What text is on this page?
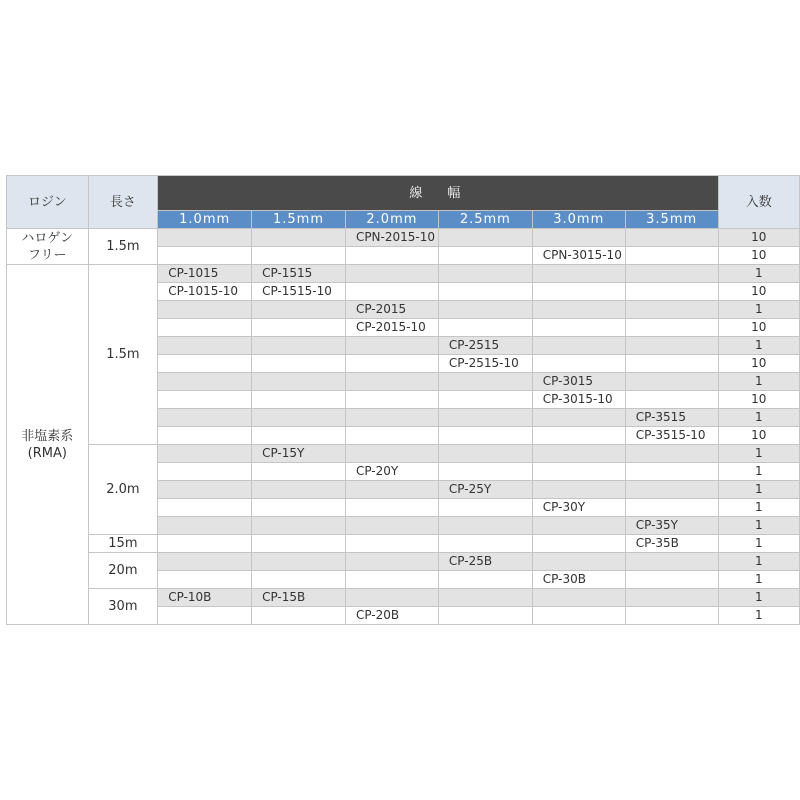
ロジン	長さ	線　幅						入数
		1.0mm	1.5mm	2.0mm	2.5mm	3.0mm	3.5mm	
ハロゲン
フリー	1.5m			CPN-2015-10				10
						CPN-3015-10		10
非塩素系
(RMA)	1.5m	CP-1015	CP-1515					1
		CP-1015-10	CP-1515-10					10
				CP-2015				1
				CP-2015-10				10
					CP-2515			1
					CP-2515-10			10
						CP-3015		1
						CP-3015-10		10
							CP-3515	1
							CP-3515-10	10
	2.0m		CP-15Y					1
				CP-20Y				1
					CP-25Y			1
						CP-30Y		1
							CP-35Y	1
	15m						CP-35B	1
	20m				CP-25B			1
						CP-30B		1
	30m	CP-10B	CP-15B					1
				CP-20B				1
